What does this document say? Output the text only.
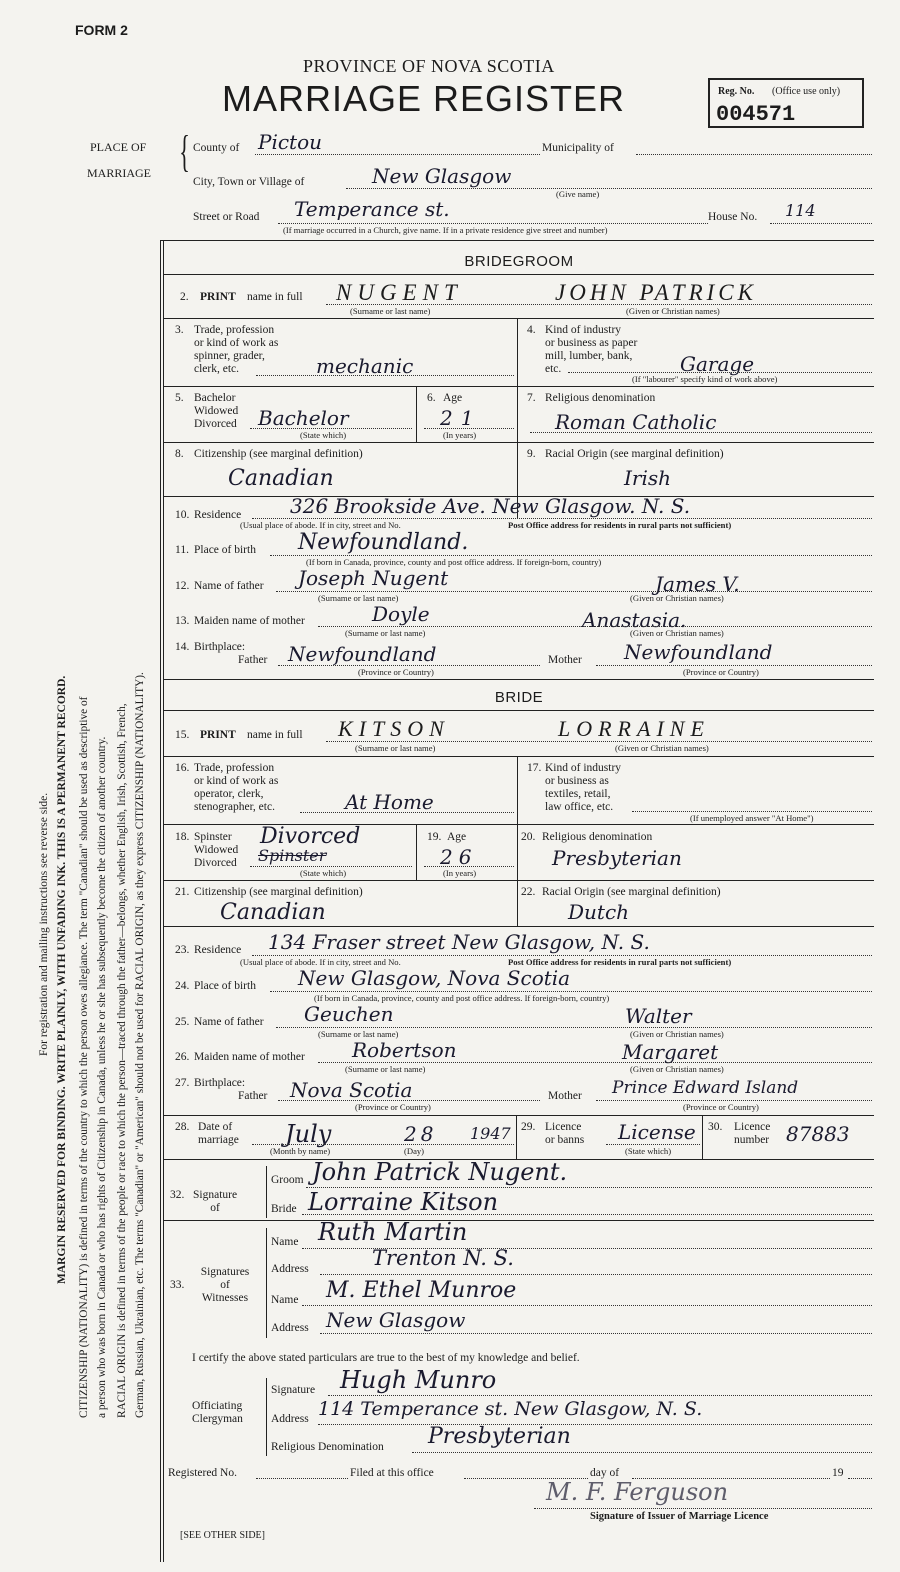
For registration and mailing instructions see reverse side. MARGIN RESERVED FOR BINDING. WRITE PLAINLY, WITH UNFADING INK. THIS IS A PERMANENT RECORD. CITIZENSHIP (NATIONALITY) is defined in terms of the country to which the person owes allegiance. The term "Canadian" should be used as descriptive of a person who was born in Canada or who has rights of Citizenship in Canada, unless he or she has subsequently become the citizen of another country. RACIAL ORIGIN is defined in terms of the people or race to which the person—traced through the father—belongs, whether English, Irish, Scottish, French, German, Russian, Ukrainian, etc. The terms "Canadian" or "American" should not be used for RACIAL ORIGIN, as they express CITIZENSHIP (NATIONALITY).
FORM 2
PROVINCE OF NOVA SCOTIA
MARRIAGE REGISTER	Reg. No. (Office use only)
004571
PLACE OF
MARRIAGE { County of Pictou	Municipality of
City, Town or Village of	New Glasgow
(Give name)
Street or Road Temperance st.	House No. 114
(If marriage occurred in a Church, give name. If in a private residence give street and number)
BRIDEGROOM
2. PRINT name in full NUGENT	JOHN PATRICK
(Surname or last name)	(Given or Christian names)
3. Trade, profession
or kind of work as
spinner, grader,
clerk, etc.	mechanic
4. Kind of industry
or business as paper
mill, lumber, bank,
etc.	Garage
(If "labourer" specify kind of work above)
5. Bachelor
Widowed
Divorced Bachelor
(State which)
6. Age
21
(In years)
7. Religious denomination
Roman Catholic
8. Citizenship (see marginal definition)
Canadian
9. Racial Origin (see marginal definition)
Irish
10. Residence 326 Brookside Ave. New Glasgow. N. S.
(Usual place of abode. If in city, street and No.	Post Office address for residents in rural parts not sufficient)
11. Place of birth Newfoundland.
(If born in Canada, province, county and post office address. If foreign-born, country)
12. Name of father Joseph Nugent	James V.
(Surname or last name)	(Given or Christian names)
13. Maiden name of mother	Doyle	Anastasia.
(Surname or last name)	(Given or Christian names)
14. Birthplace:
Father Newfoundland
(Province or Country)
Mother Newfoundland
(Province or Country)
BRIDE
15. PRINT name in full KITSON	LORRAINE
(Surname or last name)	(Given or Christian names)
16. Trade, profession
or kind of work as
operator, clerk,
stenographer, etc.	At Home
17. Kind of industry
or business as
textiles, retail,
law office, etc.
(If unemployed answer "At Home")
18. Spinster
Widowed
Divorced
Divorced
Spinster
(State which)
19. Age
26
(In years)
20. Religious denomination
Presbyterian
21. Citizenship (see marginal definition)
Canadian
22. Racial Origin (see marginal definition)
Dutch
23. Residence 134 Fraser street New Glasgow, N. S.
(Usual place of abode. If in city, street and No.	Post Office address for residents in rural parts not sufficient)
24. Place of birth New Glasgow, Nova Scotia
(If born in Canada, province, county and post office address. If foreign-born, country)
25. Name of father Geuchen	Walter
(Surname or last name)	(Given or Christian names)
26. Maiden name of mother Robertson	Margaret
(Surname or last name)	(Given or Christian names)
27. Birthplace:
Father Nova Scotia
(Province or Country)
Mother Prince Edward Island
(Province or Country)
28. Date of
marriage July	28 1947
(Month by name)	(Day)
29. Licence
or banns License
(State which)
30. Licence
number 87883
32. Signature
of
Groom John Patrick Nugent.
Bride Lorraine Kitson
33.
Signatures
of
Witnesses
Name Ruth Martin
Address	Trenton N. S.
Name M. Ethel Munroe
Address New Glasgow
I certify the above stated particulars are true to the best of my knowledge and belief.
Officiating
Clergyman
Signature Hugh Munro
Address 114 Temperance st. New Glasgow, N. S.
Religious Denomination Presbyterian
Registered No.	Filed at this office	day of	19
M. F. Ferguson
Signature of Issuer of Marriage Licence
[SEE OTHER SIDE]
